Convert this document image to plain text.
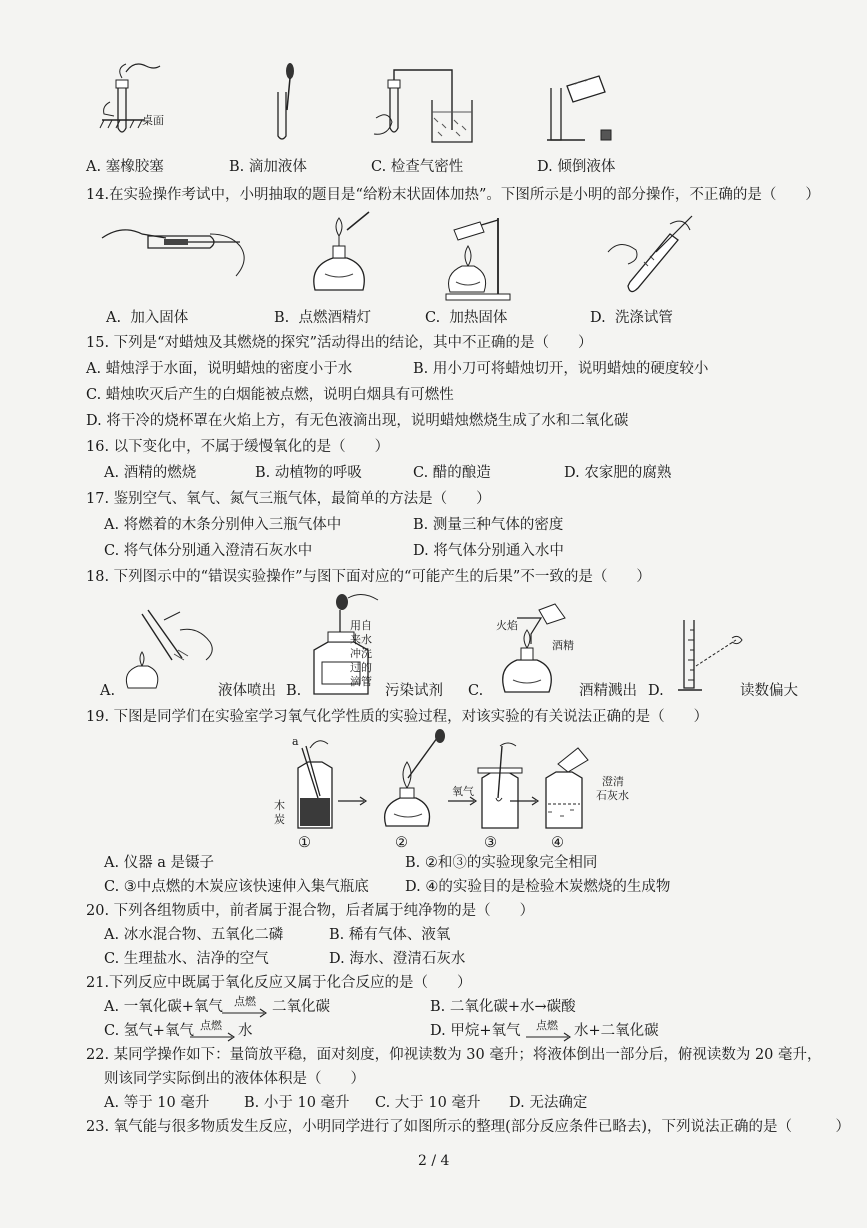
桌面
A. 塞橡胶塞	B. 滴加液体	C. 检查气密性	D. 倾倒液体
14.在实验操作考试中，小明抽取的题目是“给粉末状固体加热”。下图所示是小明的部分操作，不正确的是（　　）
A. 加入固体	B. 点燃酒精灯	C. 加热固体	D. 洗涤试管
15. 下列是“对蜡烛及其燃烧的探究”活动得出的结论，其中不正确的是（　　）
A. 蜡烛浮于水面，说明蜡烛的密度小于水	B. 用小刀可将蜡烛切开，说明蜡烛的硬度较小
C. 蜡烛吹灭后产生的白烟能被点燃，说明白烟具有可燃性
D. 将干冷的烧杯罩在火焰上方，有无色液滴出现，说明蜡烛燃烧生成了水和二氧化碳
16. 以下变化中，不属于缓慢氧化的是（　　）
A. 酒精的燃烧	B. 动植物的呼吸	C. 醋的酿造	D. 农家肥的腐熟
17. 鉴别空气、氧气、氮气三瓶气体，最简单的方法是（　　）
A. 将燃着的木条分别伸入三瓶气体中	B. 测量三种气体的密度
C. 将气体分别通入澄清石灰水中	D. 将气体分别通入水中
18. 下列图示中的“错误实验操作”与图下面对应的“可能产生的后果”不一致的是（　　）
A.	液体喷出
用自
来水
冲洗
过的
滴管
B.	污染试剂
火焰
酒精
C.	酒精溅出 D.	读数偏大
19. 下图是同学们在实验室学习氧气化学性质的实验过程，对该实验的有关说法正确的是（　　）
a
木
炭
①	②
氧气
③
澄清
石灰水
④
A. 仪器 a 是镊子	B. ②和③的实验现象完全相同
C. ③中点燃的木炭应该快速伸入集气瓶底 D. ④的实验目的是检验木炭燃烧的生成物
20. 下列各组物质中，前者属于混合物，后者属于纯净物的是（　　）
A. 冰水混合物、五氧化二磷	B. 稀有气体、液氧
C. 生理盐水、洁净的空气	D. 海水、澄清石灰水
21.下列反应中既属于氧化反应又属于化合反应的是（　　）
A. 一氧化碳+氧气 点燃 二氧化碳	B. 二氧化碳+水→碳酸
C. 氢气+氧气 点燃 水	D. 甲烷+氧气 点燃 水+二氧化碳
22. 某同学操作如下：量筒放平稳，面对刻度，仰视读数为 30 毫升；将液体倒出一部分后，俯视读数为 20 毫升，
则该同学实际倒出的液体体积是（　　）
A. 等于 10 毫升 B. 小于 10 毫升 C. 大于 10 毫升 D. 无法确定
23. 氧气能与很多物质发生反应，小明同学进行了如图所示的整理(部分反应条件已略去)，下列说法正确的是（　　　）
2 / 4
